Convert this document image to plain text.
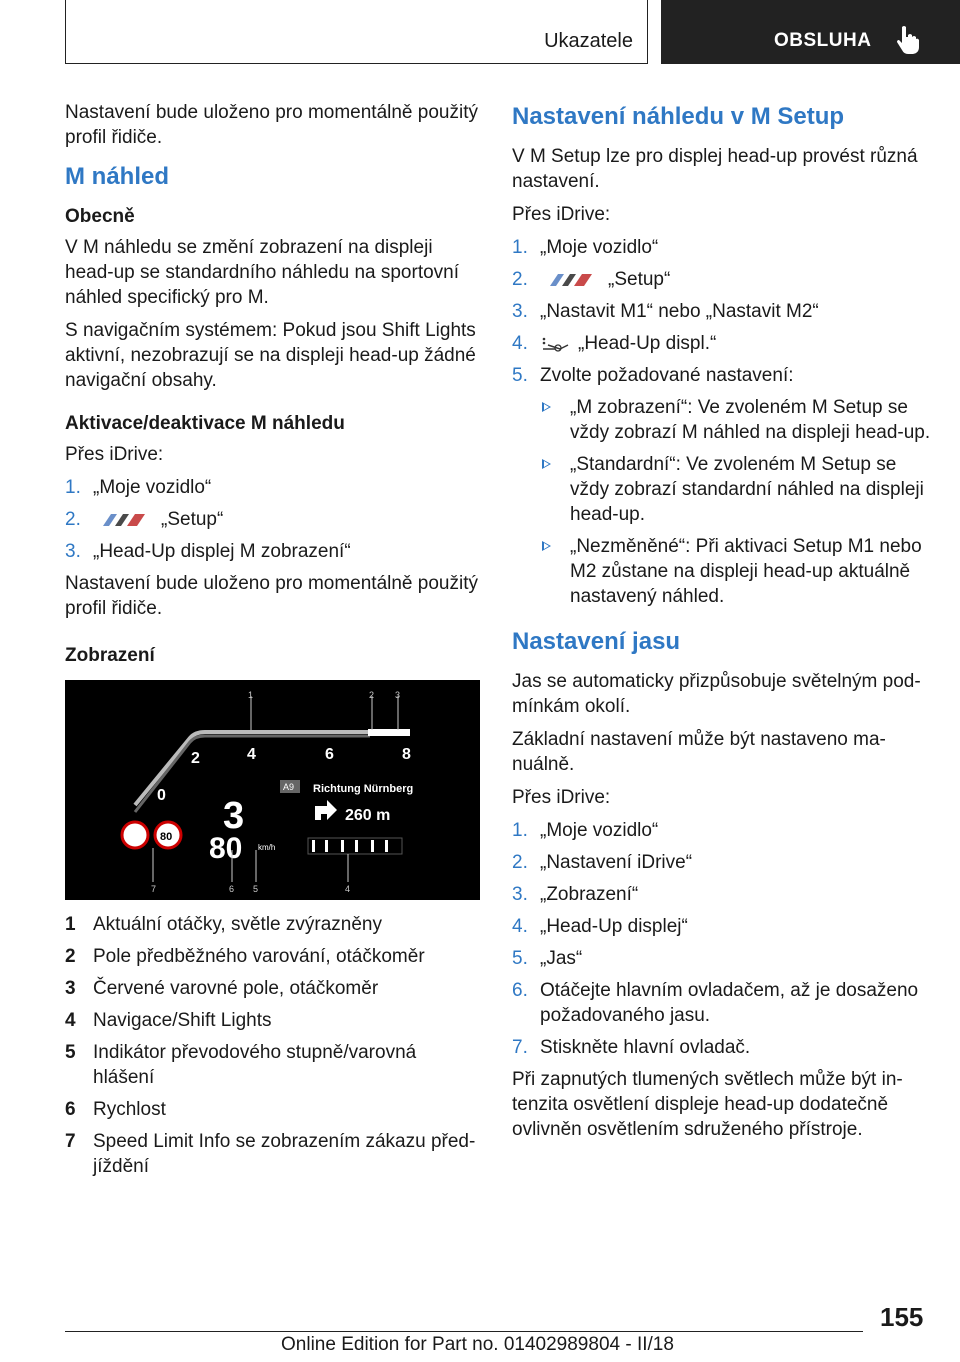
Ukazatele	OBSLUHA

Nastavení bude uloženo pro momentálně použitý profil řidiče.

M náhled
Obecně

V M náhledu se změní zobrazení na displeji head-up se standardního náhledu na sportovní náhled specifický pro M.

S navigačním systémem: Pokud jsou Shift Lights aktivní, nezobrazují se na displeji head-up žádné navigační obsahy.

Aktivace/deaktivace M náhledu

Přes iDrive:

1. „Moje vozidlo“
2.	„Setup“
3. „Head-Up displej M zobrazení“

Nastavení bude uloženo pro momentálně použitý profil řidiče.

Zobrazení
1	2 3
0
2	4	6	8
A9 Richtung Nürnberg
260 m
3
80 km/h
80
7	6 5	4
1 Aktuální otáčky, světle zvýrazněny
2 Pole předběžného varování, otáčkoměr
3 Červené varovné pole, otáčkoměr
4 Navigace/Shift Lights
5 Indikátor převodového stupně/varovná hlášení
6 Rychlost
7 Speed Limit Info se zobrazením zákazu předjíždění
Nastavení náhledu v M Setup

V M Setup lze pro displej head-up provést různá nastavení.

Přes iDrive:

1. „Moje vozidlo“
2.	„Setup“
3. „Nastavit M1“ nebo „Nastavit M2“
4.	„Head-Up displ.“
5. Zvolte požadované nastavení:
„M zobrazení“: Ve zvoleném M Setup se vždy zobrazí M náhled na displeji head-up.
„Standardní“: Ve zvoleném M Setup se vždy zobrazí standardní náhled na displeji head-up.
„Nezměněné“: Při aktivaci Setup M1 nebo M2 zůstane na displeji head-up aktuálně nastavený náhled.
Nastavení jasu

Jas se automaticky přizpůsobuje světelným podmínkám okolí.

Základní nastavení může být nastaveno manuálně.

Přes iDrive:

1. „Moje vozidlo“
2. „Nastavení iDrive“
3. „Zobrazení“
4. „Head-Up displej“
5. „Jas“
6. Otáčejte hlavním ovladačem, až je dosaženo požadovaného jasu.
7. Stiskněte hlavní ovladač.

Při zapnutých tlumených světlech může být intenzita osvětlení displeje head-up dodatečně ovlivněn osvětlením sdruženého přístroje.

155
Online Edition for Part no. 01402989804 - II/18
